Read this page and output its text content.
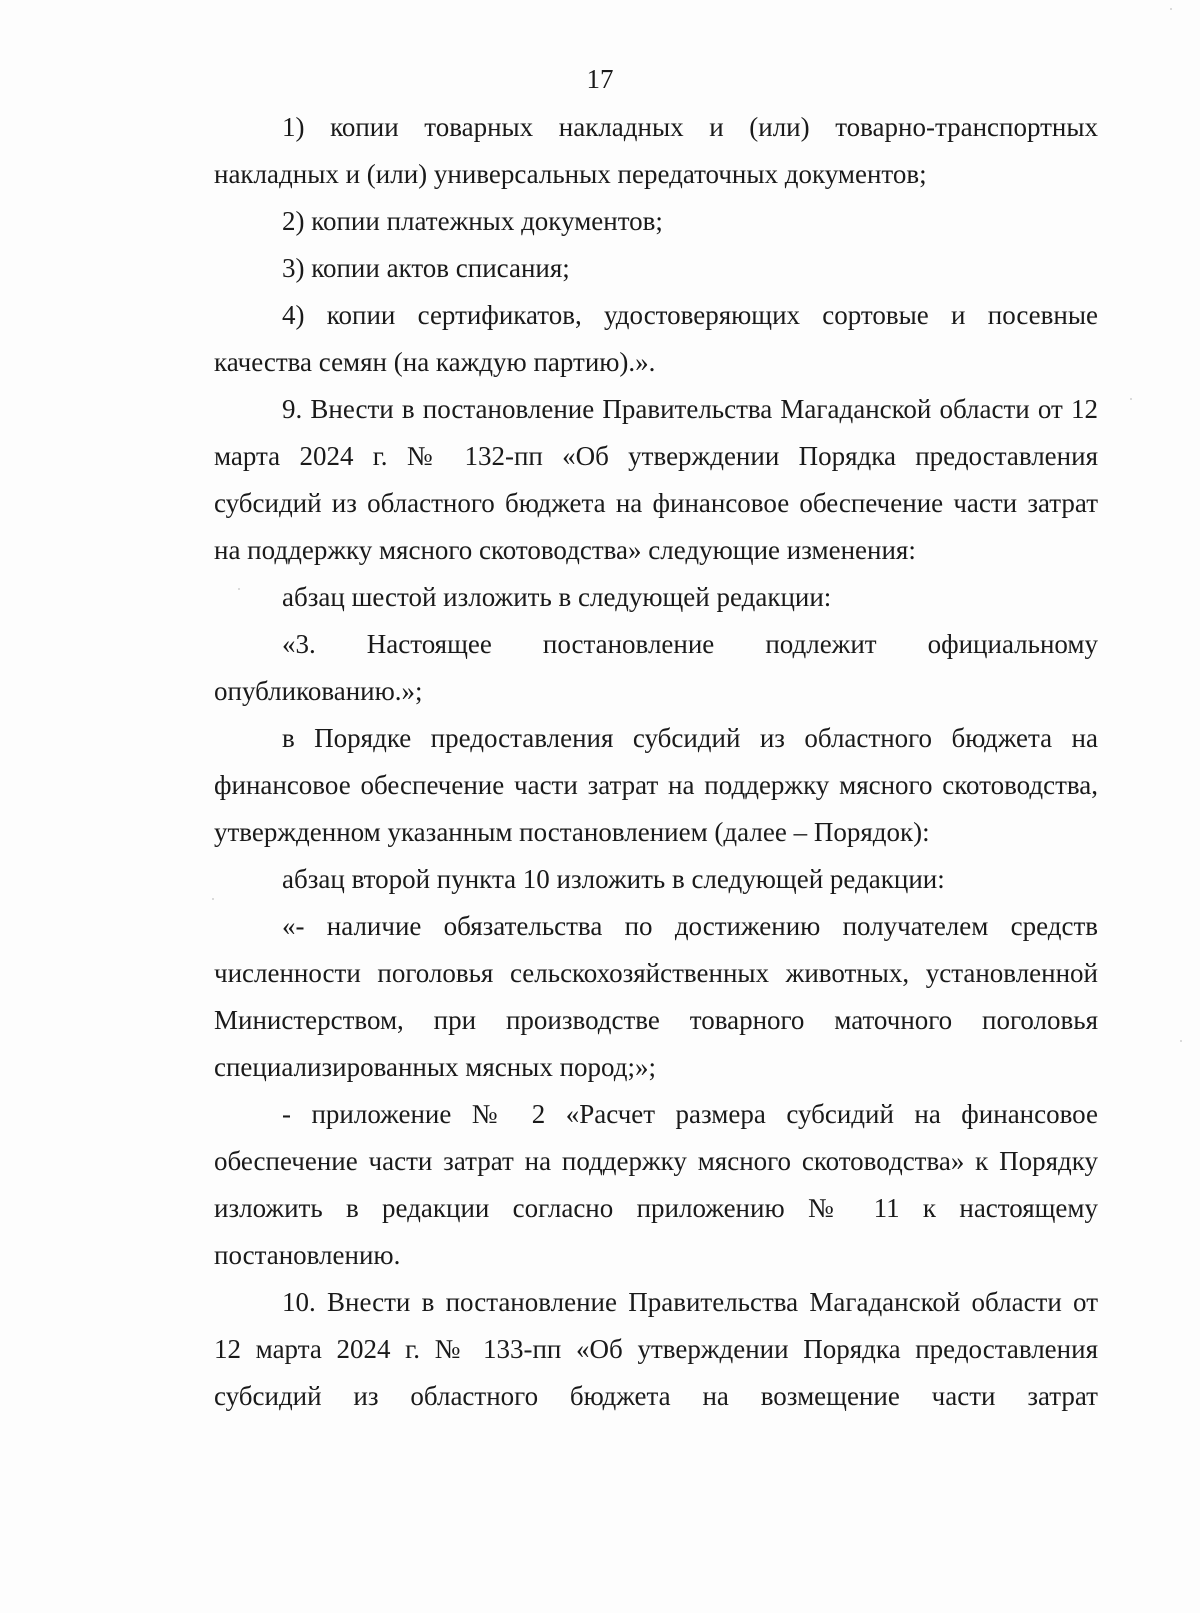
17

1) копии товарных накладных и (или) товарно-транспортных накладных и (или) универсальных передаточных документов;

2) копии платежных документов;

3) копии актов списания;

4) копии сертификатов, удостоверяющих сортовые и посевные качества семян (на каждую партию).».

9. Внести в постановление Правительства Магаданской области от 12 марта 2024 г. № 132-пп «Об утверждении Порядка предоставления субсидий из областного бюджета на финансовое обеспечение части затрат на поддержку мясного скотоводства» следующие изменения:

абзац шестой изложить в следующей редакции:

«3. Настоящее постановление подлежит официальному опубликованию.»;

в Порядке предоставления субсидий из областного бюджета на финансовое обеспечение части затрат на поддержку мясного скотоводства, утвержденном указанным постановлением (далее – Порядок):

абзац второй пункта 10 изложить в следующей редакции:

«- наличие обязательства по достижению получателем средств численности поголовья сельскохозяйственных животных, установленной Министерством, при производстве товарного маточного поголовья специализированных мясных пород;»;

- приложение № 2 «Расчет размера субсидий на финансовое обеспечение части затрат на поддержку мясного скотоводства» к Порядку изложить в редакции согласно приложению № 11 к настоящему постановлению.

10. Внести в постановление Правительства Магаданской области от 12 марта 2024 г. № 133-пп «Об утверждении Порядка предоставления субсидий из областного бюджета на возмещение части затрат
